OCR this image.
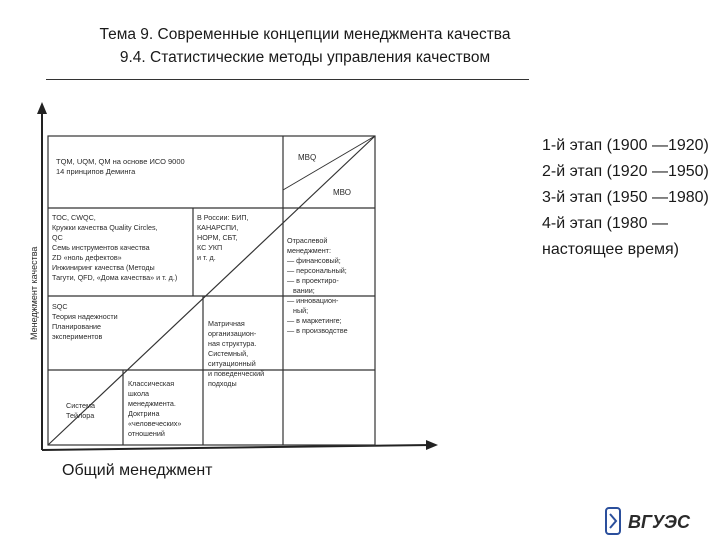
Тема 9. Современные концепции менеджмента качества
9.4. Статистические методы управления качеством
Менеджмент качества
TQM, UQM, QM на основе ИСО 9000 14 принципов Деминга
МВQ
МВО
TOC, CWQC, Кружки качества Quality Circles, QC Семь инструментов качества ZD «ноль дефектов» Инжиниринг качества (Методы Тагути, QFD, «Дома качества» и т. д.)
В России: БИП, КАНАРСПИ, НОРМ, СБТ, КС УКП и т. д.
Отраслевой менеджмент: — финансовый; — персональный; — в проектиро- вании; — инновацион- ный; — в маркетинге; — в производстве
SQC Теория надежности Планирование экспериментов
Матричная организацион- ная структура. Системный, ситуационный и поведенческий подходы
Система Тейлора
Классическая школа менеджмента. Доктрина «человеческих» отношений

1-й этап (1900 —1920)

2-й этап (1920 —1950)

3-й этап (1950 —1980)

4-й этап (1980 —настоящее время)

Общий менеджмент
ВГУЭС
